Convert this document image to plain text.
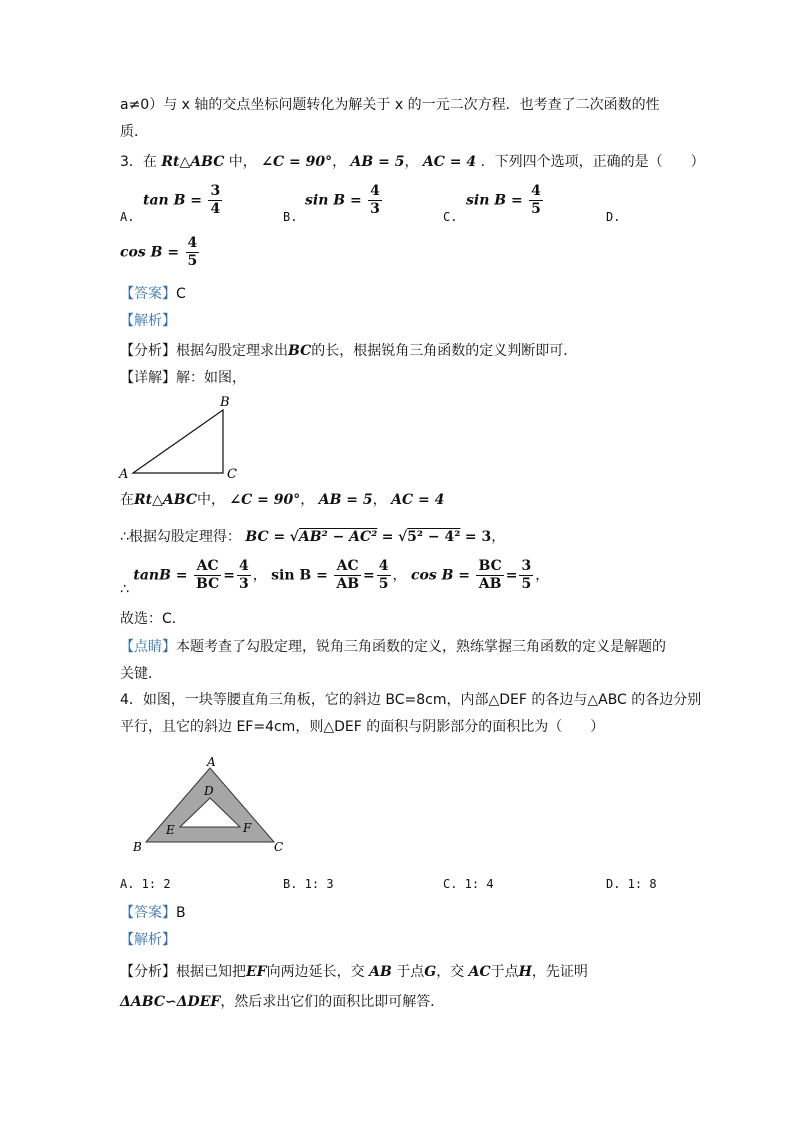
a≠0）与 x 轴的交点坐标问题转化为解关于 x 的一元二次方程．也考查了二次函数的性
质．
3．在 Rt△ABC 中， ∠C = 90°， AB = 5， AC = 4 ．下列四个选项，正确的是（　　）
A.
$\tan B = \frac{3}{4}$	B.
$\sin B = \frac{4}{3}$	C.
$\sin B = \frac{4}{5}$	D.
$\cos B = \frac{4}{5}$
【答案】C
【解析】
【分析】根据勾股定理求出BC的长，根据锐角三角函数的定义判断即可．
【详解】解：如图，
A
B
C
在Rt△ABC中， ∠C = 90°， AB = 5， AC = 4
∴根据勾股定理得： BC = √AB² − AC² = √5² − 4² = 3，
∴ $\tan B = \frac{AC}{BC} = \frac{4}{3}$ ， $\sin B = \frac{AC}{AB} = \frac{4}{5}$ ， $\cos B = \frac{BC}{AB} = \frac{3}{5}$ ，
故选：C．
【点睛】本题考查了勾股定理，锐角三角函数的定义，熟练掌握三角函数的定义是解题的
关键．
4．如图，一块等腰直角三角板，它的斜边 BC=8cm，内部△DEF 的各边与△ABC 的各边分别
平行，且它的斜边 EF=4cm，则△DEF 的面积与阴影部分的面积比为（　　）
A
B	C
D
E	F
A. 1: 2	B. 1: 3	C. 1: 4	D. 1: 8
【答案】B
【解析】
【分析】根据已知把EF向两边延长，交 AB 于点G，交 AC于点H，先证明
ΔABC∽ΔDEF，然后求出它们的面积比即可解答．
